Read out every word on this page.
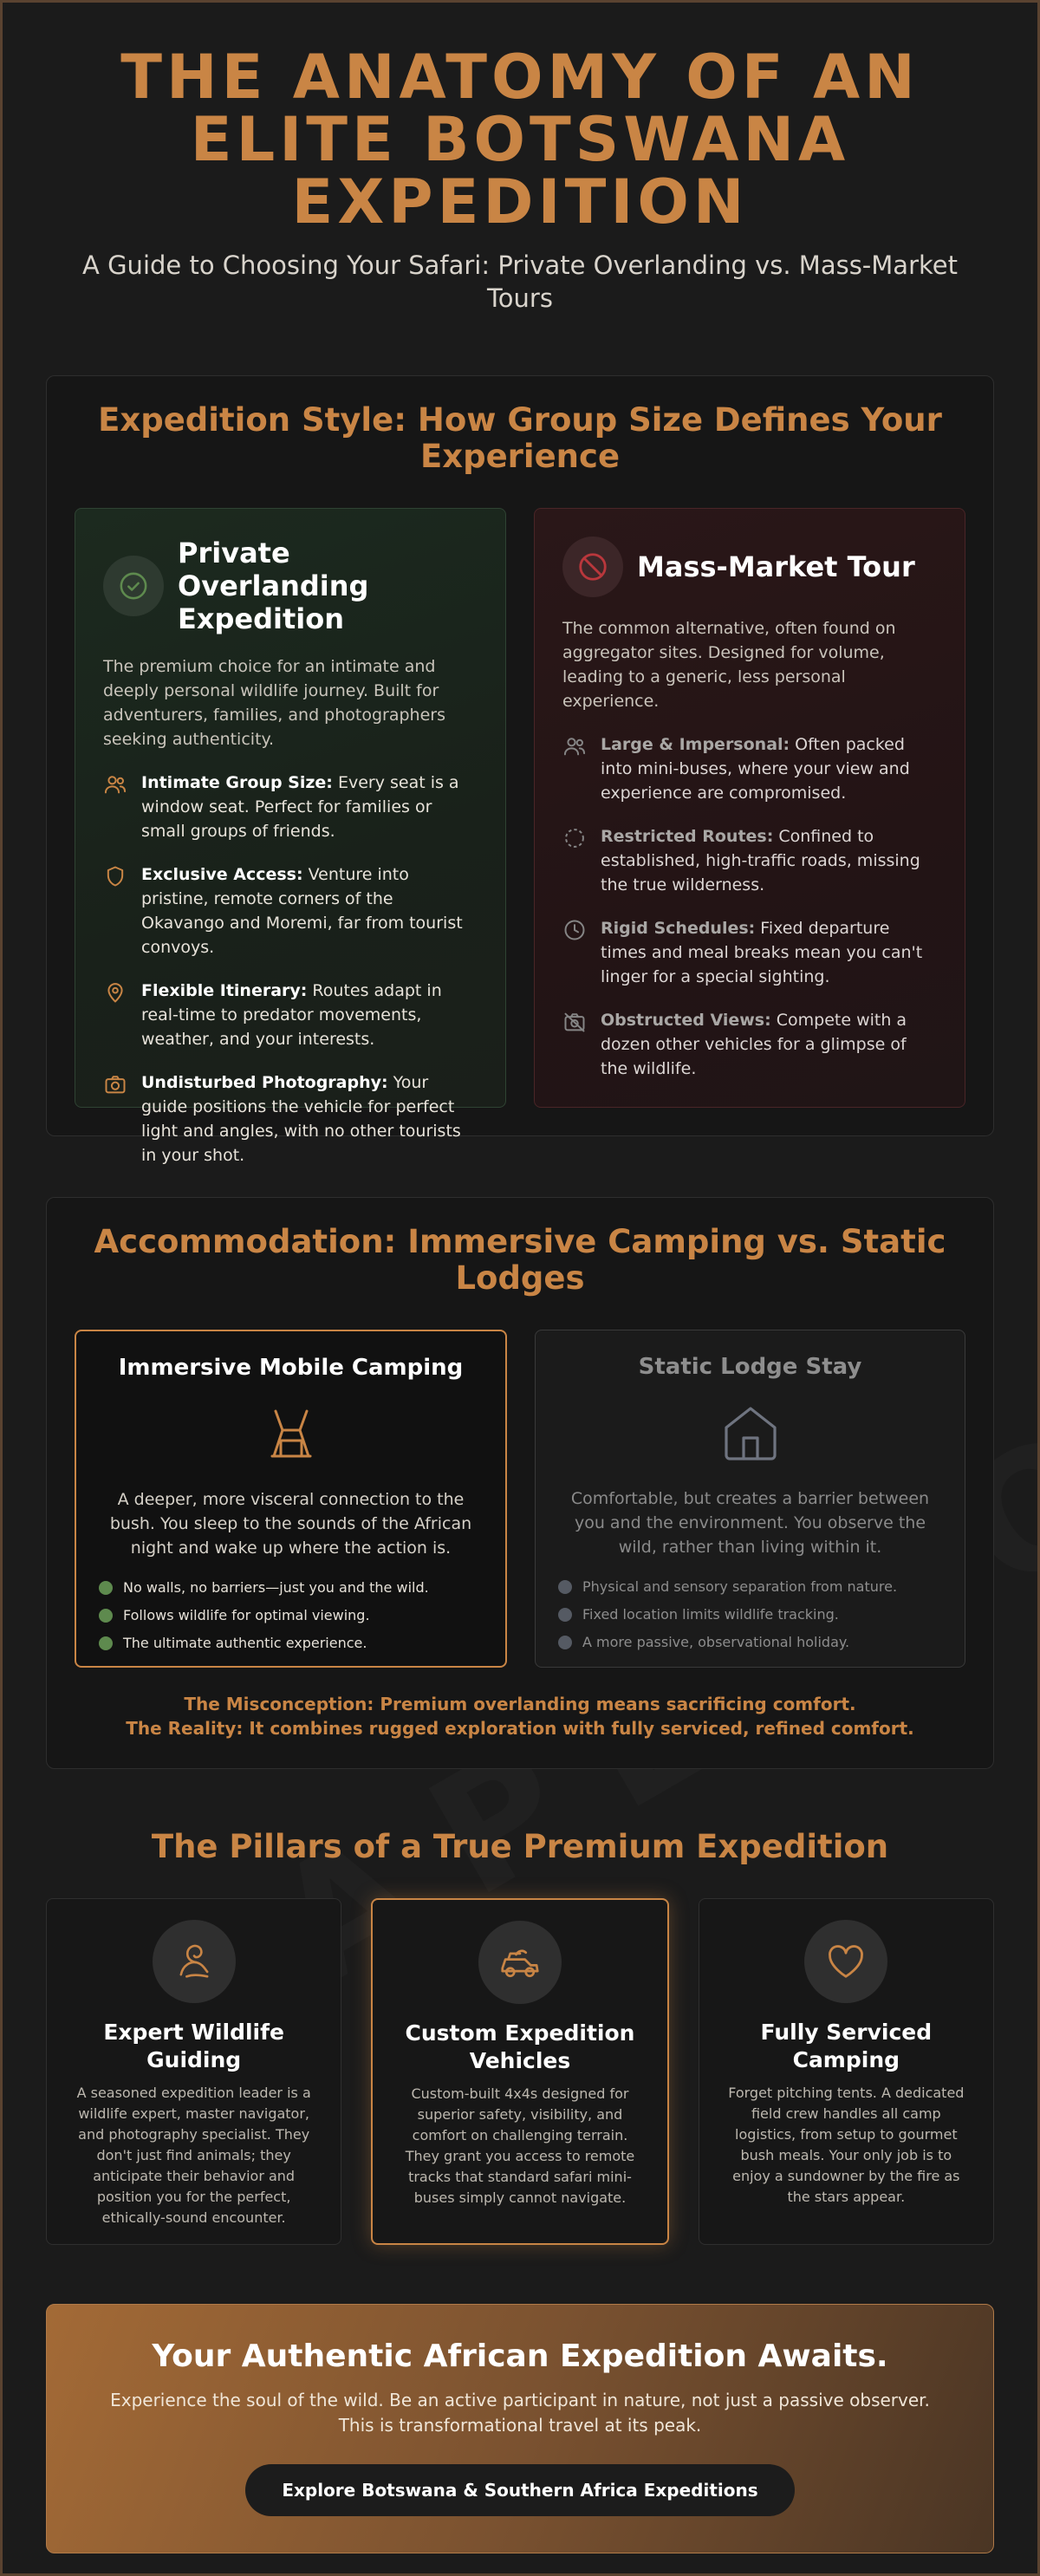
THE ANATOMY OF AN
ELITE BOTSWANA
EXPEDITION

A Guide to Choosing Your Safari: Private Overlanding vs. Mass-Market Tours

Expedition Style: How Group Size Defines Your Experience
Private Overlanding Expedition

The premium choice for an intimate and deeply personal wildlife journey. Built for adventurers, families, and photographers seeking authenticity.

Intimate Group Size: Every seat is a window seat. Perfect for families or small groups of friends.

Exclusive Access: Venture into pristine, remote corners of the Okavango and Moremi, far from tourist convoys.

Flexible Itinerary: Routes adapt in real-time to predator movements, weather, and your interests.

Undisturbed Photography: Your guide positions the vehicle for perfect light and angles, with no other tourists in your shot.

Mass-Market Tour

The common alternative, often found on aggregator sites. Designed for volume, leading to a generic, less personal experience.

Large & Impersonal: Often packed into mini-buses, where your view and experience are compromised.

Restricted Routes: Confined to established, high-traffic roads, missing the true wilderness.

Rigid Schedules: Fixed departure times and meal breaks mean you can't linger for a special sighting.

Obstructed Views: Compete with a dozen other vehicles for a glimpse of the wildlife.

Accommodation: Immersive Camping vs. Static Lodges
Immersive Mobile Camping

A deeper, more visceral connection to the bush. You sleep to the sounds of the African night and wake up where the action is.

No walls, no barriers—just you and the wild.
Follows wildlife for optimal viewing.
The ultimate authentic experience.
Static Lodge Stay

Comfortable, but creates a barrier between you and the environment. You observe the wild, rather than living within it.

Physical and sensory separation from nature.
Fixed location limits wildlife tracking.
A more passive, observational holiday.

The Misconception: Premium overlanding means sacrificing comfort.
The Reality: It combines rugged exploration with fully serviced, refined comfort.

The Pillars of a True Premium Expedition
Expert Wildlife Guiding

A seasoned expedition leader is a wildlife expert, master navigator, and photography specialist. They don't just find animals; they anticipate their behavior and position you for the perfect, ethically-sound encounter.

Custom Expedition Vehicles

Custom-built 4x4s designed for superior safety, visibility, and comfort on challenging terrain. They grant you access to remote tracks that standard safari mini-buses simply cannot navigate.

Fully Serviced Camping

Forget pitching tents. A dedicated field crew handles all camp logistics, from setup to gourmet bush meals. Your only job is to enjoy a sundowner by the fire as the stars appear.

Your Authentic African Expedition Awaits.

Experience the soul of the wild. Be an active participant in nature, not just a passive observer. This is transformational travel at its peak.

Explore Botswana & Southern Africa Expeditions
